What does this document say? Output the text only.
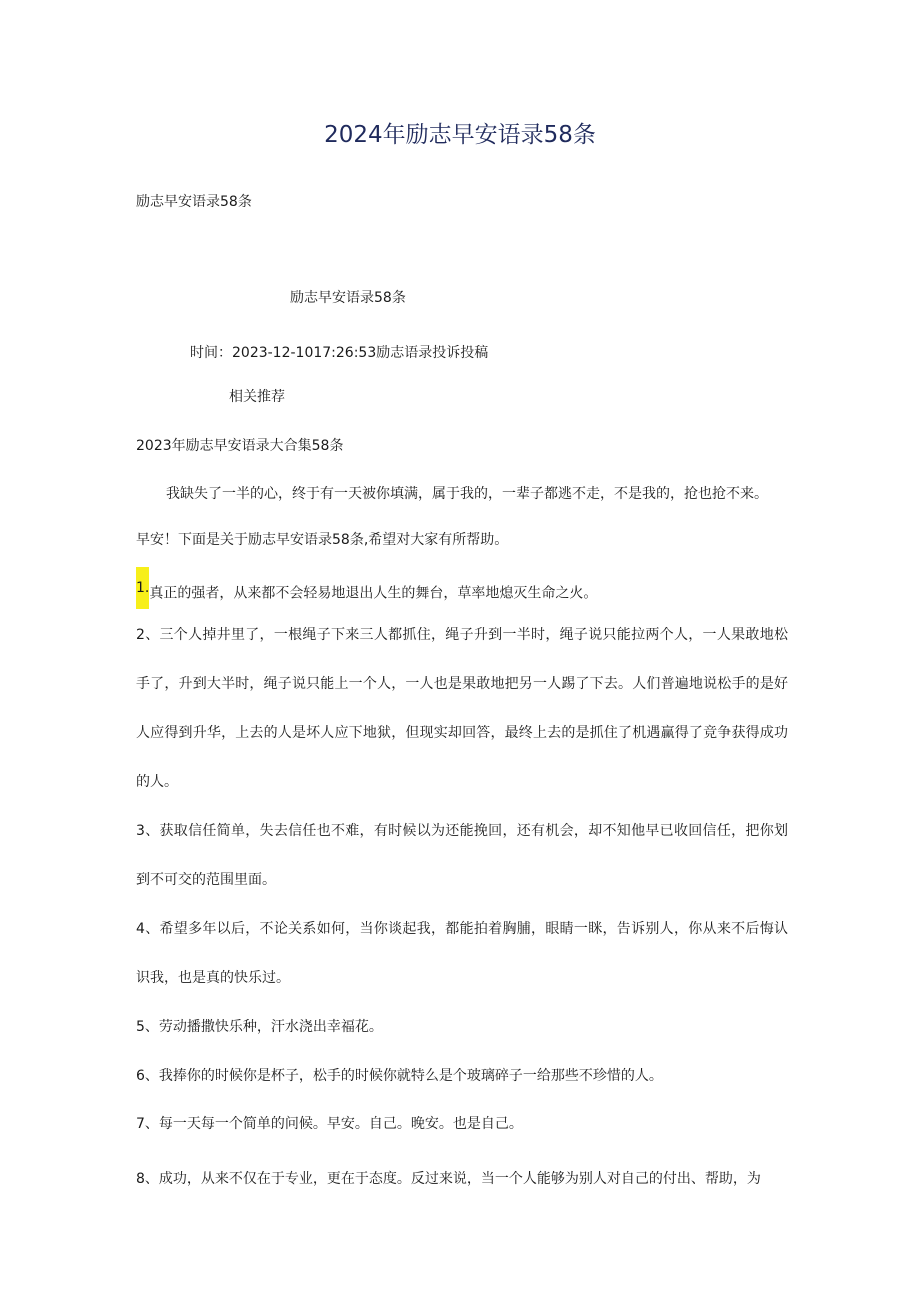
2024年励志早安语录58条
励志早安语录58条
励志早安语录58条
时间：2023-12-1017:26:53励志语录投诉投稿
相关推荐
2023年励志早安语录大合集58条
我缺失了一半的心，终于有一天被你填满，属于我的，一辈子都逃不走，不是我的，抢也抢不来。
早安！下面是关于励志早安语录58条,希望对大家有所帮助。
1.真正的强者，从来都不会轻易地退出人生的舞台，草率地熄灭生命之火。
2、三个人掉井里了，一根绳子下来三人都抓住，绳子升到一半时，绳子说只能拉两个人，一人果敢地松手了，升到大半时，绳子说只能上一个人，一人也是果敢地把另一人踢了下去。人们普遍地说松手的是好人应得到升华，上去的人是坏人应下地狱，但现实却回答，最终上去的是抓住了机遇赢得了竞争获得成功的人。
3、获取信任简单，失去信任也不难，有时候以为还能挽回，还有机会，却不知他早已收回信任，把你划到不可交的范围里面。
4、希望多年以后，不论关系如何，当你谈起我，都能拍着胸脯，眼睛一眯，告诉别人，你从来不后悔认识我，也是真的快乐过。
5、劳动播撒快乐种，汗水浇出幸福花。
6、我捧你的时候你是杯子，松手的时候你就特么是个玻璃碎子一给那些不珍惜的人。
7、每一天每一个简单的问候。早安。自己。晚安。也是自己。
8、成功，从来不仅在于专业，更在于态度。反过来说，当一个人能够为别人对自己的付出、帮助，为
